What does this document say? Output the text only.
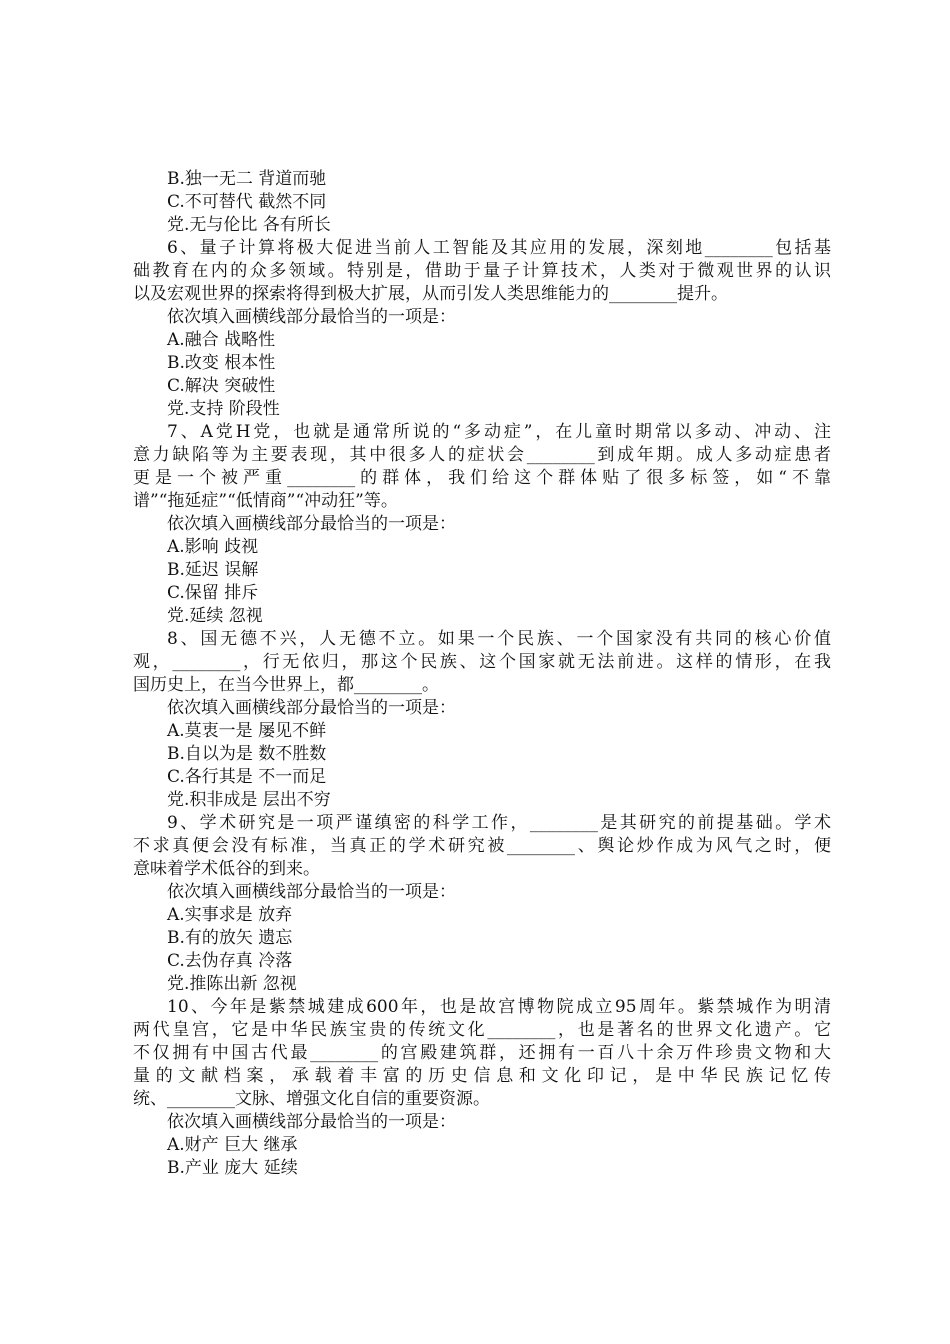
B.独一无二 背道而驰
C.不可替代 截然不同
党.无与伦比 各有所长
6、量子计算将极大促进当前人工智能及其应用的发展，深刻地________包括基
础教育在内的众多领域。特别是，借助于量子计算技术，人类对于微观世界的认识
以及宏观世界的探索将得到极大扩展，从而引发人类思维能力的________提升。
依次填入画横线部分最恰当的一项是：
A.融合 战略性
B.改变 根本性
C.解决 突破性
党.支持 阶段性
7、A党H党，也就是通常所说的“多动症”，在儿童时期常以多动、冲动、注
意力缺陷等为主要表现，其中很多人的症状会________到成年期。成人多动症患者
更是一个被严重________的群体，我们给这个群体贴了很多标签，如“不靠
谱”“拖延症”“低情商”“冲动狂”等。
依次填入画横线部分最恰当的一项是：
A.影响 歧视
B.延迟 误解
C.保留 排斥
党.延续 忽视
8、国无德不兴，人无德不立。如果一个民族、一个国家没有共同的核心价值
观，________，行无依归，那这个民族、这个国家就无法前进。这样的情形，在我
国历史上，在当今世界上，都________。
依次填入画横线部分最恰当的一项是：
A.莫衷一是 屡见不鲜
B.自以为是 数不胜数
C.各行其是 不一而足
党.积非成是 层出不穷
9、学术研究是一项严谨缜密的科学工作，________是其研究的前提基础。学术
不求真便会没有标准，当真正的学术研究被________、舆论炒作成为风气之时，便
意味着学术低谷的到来。
依次填入画横线部分最恰当的一项是：
A.实事求是 放弃
B.有的放矢 遗忘
C.去伪存真 冷落
党.推陈出新 忽视
10、今年是紫禁城建成600年，也是故宫博物院成立95周年。紫禁城作为明清
两代皇宫，它是中华民族宝贵的传统文化________，也是著名的世界文化遗产。它
不仅拥有中国古代最________的宫殿建筑群，还拥有一百八十余万件珍贵文物和大
量的文献档案，承载着丰富的历史信息和文化印记，是中华民族记忆传
统、________文脉、增强文化自信的重要资源。
依次填入画横线部分最恰当的一项是：
A.财产 巨大 继承
B.产业 庞大 延续
